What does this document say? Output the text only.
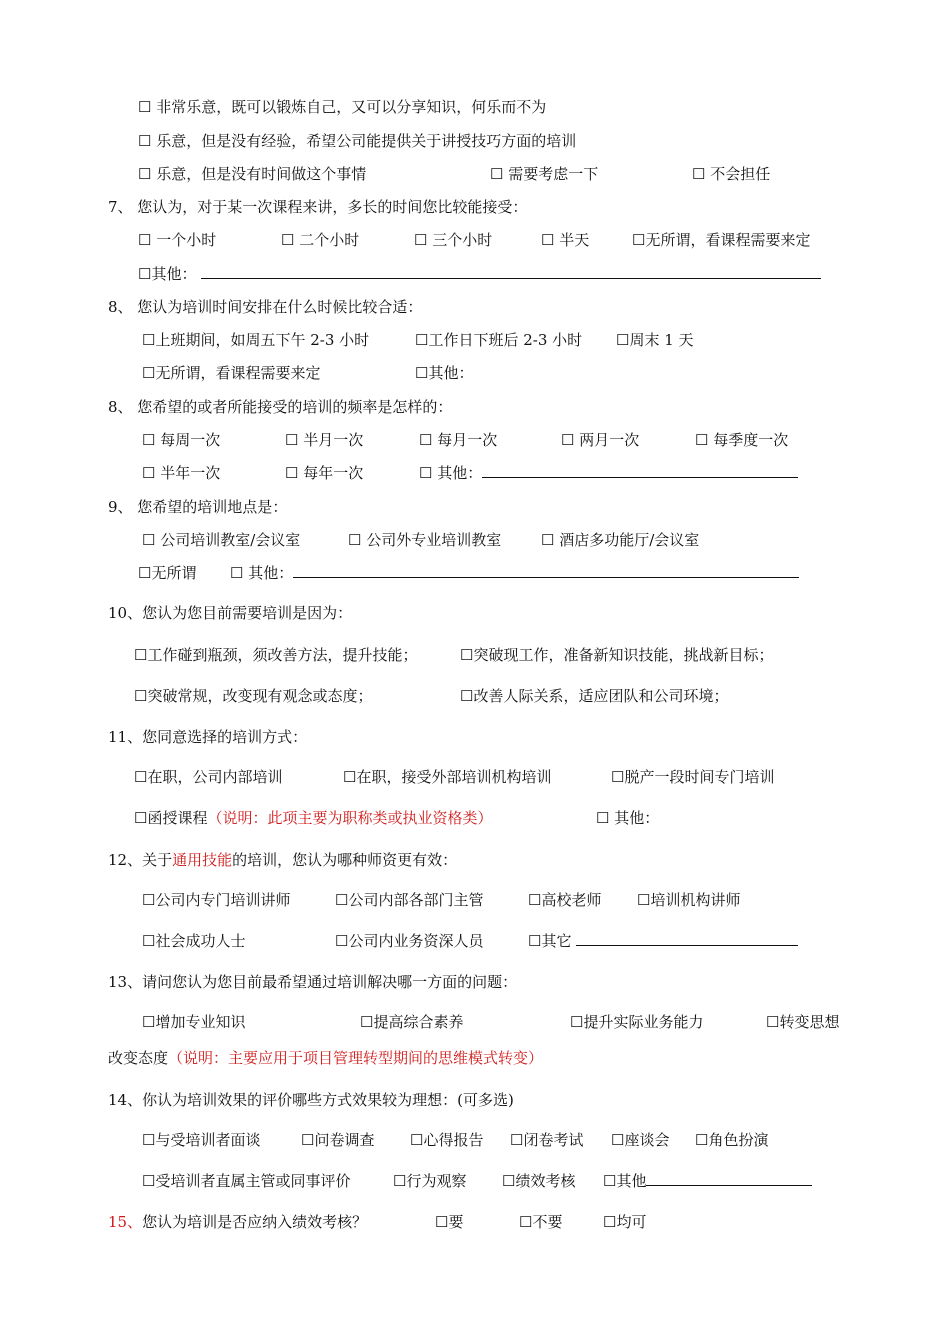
☐ 非常乐意，既可以锻炼自己，又可以分享知识，何乐而不为
☐ 乐意，但是没有经验，希望公司能提供关于讲授技巧方面的培训
☐ 乐意，但是没有时间做这个事情	☐ 需要考虑一下	☐ 不会担任
7、 您认为，对于某一次课程来讲，多长的时间您比较能接受：
☐ 一个小时	☐ 二个小时	☐ 三个小时	☐ 半天	☐无所谓，看课程需要来定
☐其他：
8、 您认为培训时间安排在什么时候比较合适：
☐上班期间，如周五下午 2-3 小时	☐工作日下班后 2-3 小时 ☐周末 1 天
☐无所谓，看课程需要来定	☐其他：
8、 您希望的或者所能接受的培训的频率是怎样的：
☐ 每周一次	☐ 半月一次	☐ 每月一次	☐ 两月一次	☐ 每季度一次
☐ 半年一次	☐ 每年一次	☐ 其他：
9、 您希望的培训地点是：
☐ 公司培训教室/会议室	☐ 公司外专业培训教室	☐ 酒店多功能厅/会议室
☐无所谓 ☐ 其他：
10、您认为您目前需要培训是因为：
☐工作碰到瓶颈，须改善方法，提升技能；	☐突破现工作，准备新知识技能，挑战新目标；
☐突破常规，改变现有观念或态度；	☐改善人际关系，适应团队和公司环境；
11、您同意选择的培训方式：
☐在职，公司内部培训	☐在职，接受外部培训机构培训	☐脱产一段时间专门培训
☐函授课程（说明：此项主要为职称类或执业资格类）	☐ 其他：
12、关于通用技能的培训，您认为哪种师资更有效：
☐公司内专门培训讲师	☐公司内部各部门主管	☐高校老师 ☐培训机构讲师
☐社会成功人士	☐公司内业务资深人员	☐其它
13、请问您认为您目前最希望通过培训解决哪一方面的问题：
☐增加专业知识	☐提高综合素养	☐提升实际业务能力	☐转变思想
改变态度（说明：主要应用于项目管理转型期间的思维模式转变）
14、你认为培训效果的评价哪些方式效果较为理想：(可多选)
☐与受培训者面谈	☐问卷调查 ☐心得报告 ☐闭卷考试 ☐座谈会 ☐角色扮演
☐受培训者直属主管或同事评价	☐行为观察 ☐绩效考核 ☐其他
15、您认为培训是否应纳入绩效考核？	☐要	☐不要	☐均可
